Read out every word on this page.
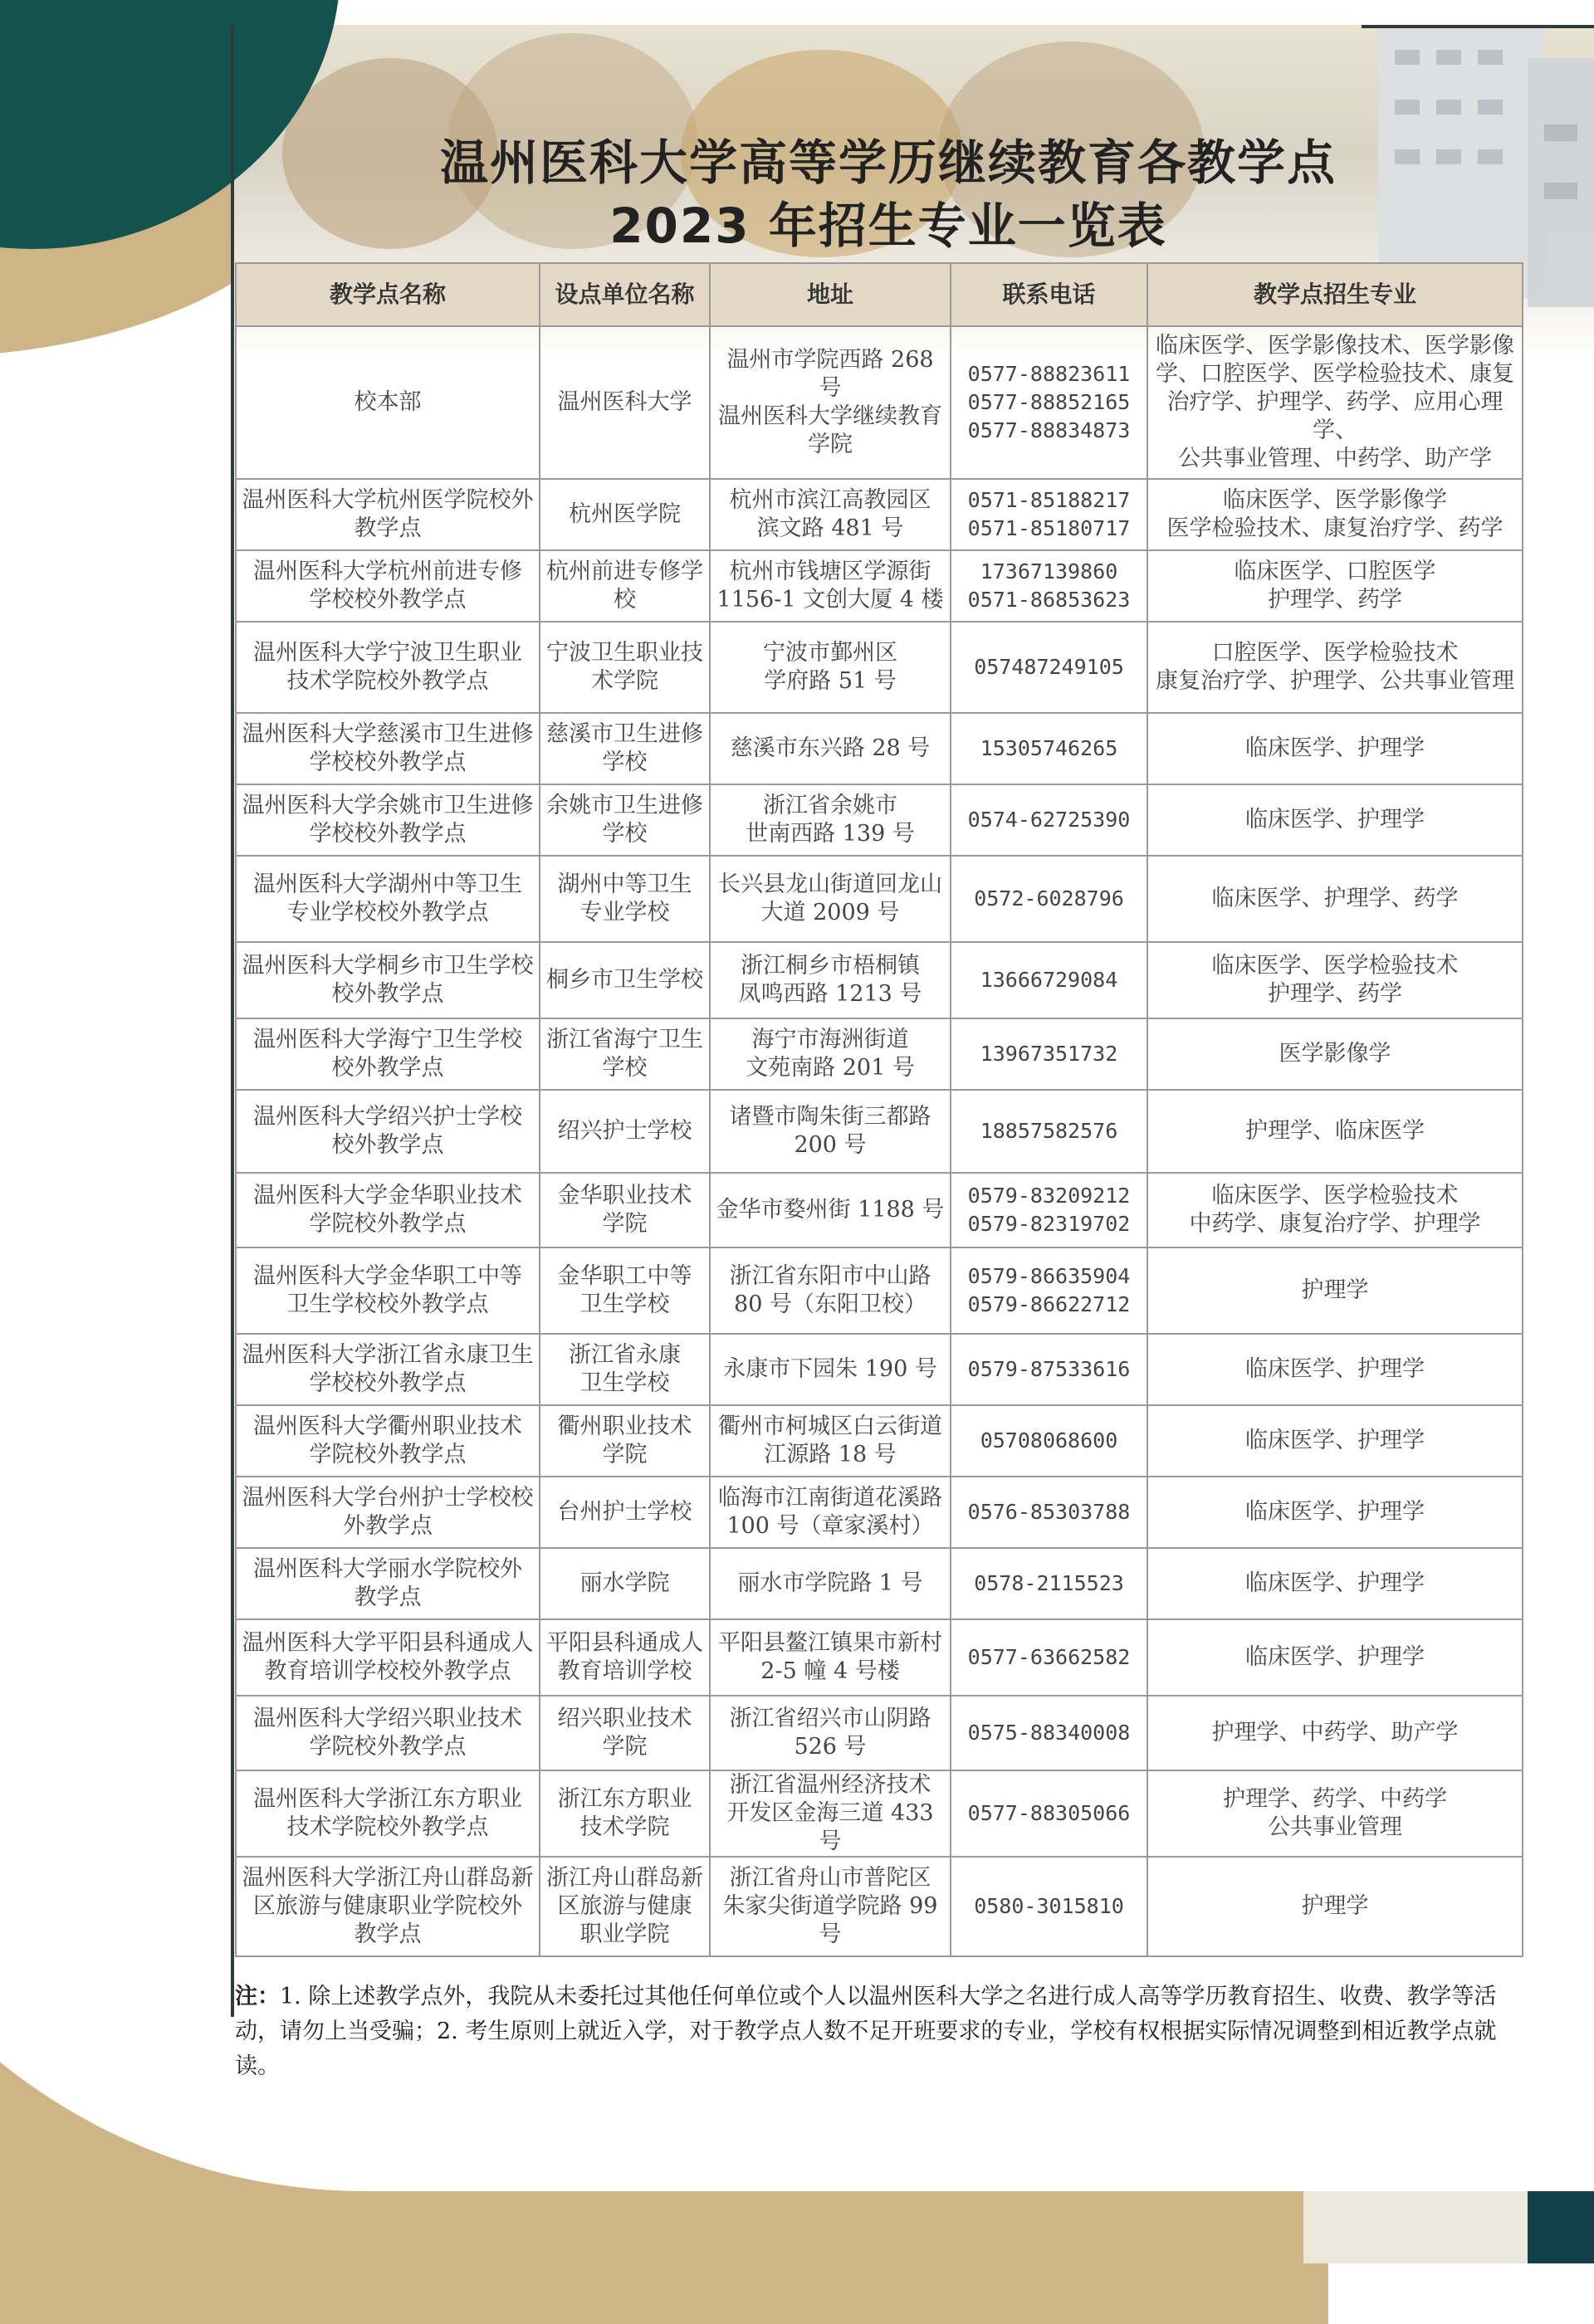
温州医科大学高等学历继续教育各教学点
2023 年招生专业一览表
教学点名称	设点单位名称	地址	联系电话	教学点招生专业

校本部	温州医科大学	温州市学院西路 268 号
温州医科大学继续教育
学院	0577-88823611
0577-88852165
0577-88834873	临床医学、医学影像技术、医学影像
学、口腔医学、医学检验技术、康复
治疗学、护理学、药学、应用心理学、
公共事业管理、中药学、助产学

温州医科大学杭州医学院校外
教学点	杭州医学院	杭州市滨江高教园区
滨文路 481 号	0571-85188217
0571-85180717	临床医学、医学影像学
医学检验技术、康复治疗学、药学

温州医科大学杭州前进专修
学校校外教学点	杭州前进专修学
校	杭州市钱塘区学源街
1156-1 文创大厦 4 楼	17367139860
0571-86853623	临床医学、口腔医学
护理学、药学

温州医科大学宁波卫生职业
技术学院校外教学点	宁波卫生职业技
术学院	宁波市鄞州区
学府路 51 号	057487249105	口腔医学、医学检验技术
康复治疗学、护理学、公共事业管理

温州医科大学慈溪市卫生进修
学校校外教学点	慈溪市卫生进修
学校	慈溪市东兴路 28 号	15305746265	临床医学、护理学

温州医科大学余姚市卫生进修
学校校外教学点	余姚市卫生进修
学校	浙江省余姚市
世南西路 139 号	0574-62725390	临床医学、护理学

温州医科大学湖州中等卫生
专业学校校外教学点	湖州中等卫生
专业学校	长兴县龙山街道回龙山
大道 2009 号	0572-6028796	临床医学、护理学、药学

温州医科大学桐乡市卫生学校
校外教学点	桐乡市卫生学校	浙江桐乡市梧桐镇
凤鸣西路 1213 号	13666729084	临床医学、医学检验技术
护理学、药学

温州医科大学海宁卫生学校
校外教学点	浙江省海宁卫生
学校	海宁市海洲街道
文苑南路 201 号	13967351732	医学影像学

温州医科大学绍兴护士学校
校外教学点	绍兴护士学校	诸暨市陶朱街三都路
200 号	18857582576	护理学、临床医学

温州医科大学金华职业技术
学院校外教学点	金华职业技术
学院	金华市婺州街 1188 号	0579-83209212
0579-82319702	临床医学、医学检验技术
中药学、康复治疗学、护理学

温州医科大学金华职工中等
卫生学校校外教学点	金华职工中等
卫生学校	浙江省东阳市中山路
80 号（东阳卫校）	0579-86635904
0579-86622712	护理学

温州医科大学浙江省永康卫生
学校校外教学点	浙江省永康
卫生学校	永康市下园朱 190 号	0579-87533616	临床医学、护理学

温州医科大学衢州职业技术
学院校外教学点	衢州职业技术
学院	衢州市柯城区白云街道
江源路 18 号	05708068600	临床医学、护理学

温州医科大学台州护士学校校
外教学点	台州护士学校	临海市江南街道花溪路
100 号（章家溪村）	0576-85303788	临床医学、护理学

温州医科大学丽水学院校外
教学点	丽水学院	丽水市学院路 1 号	0578-2115523	临床医学、护理学

温州医科大学平阳县科通成人
教育培训学校校外教学点	平阳县科通成人
教育培训学校	平阳县鳌江镇果市新村
2-5 幢 4 号楼	0577-63662582	临床医学、护理学

温州医科大学绍兴职业技术
学院校外教学点	绍兴职业技术
学院	浙江省绍兴市山阴路
526 号	0575-88340008	护理学、中药学、助产学

温州医科大学浙江东方职业
技术学院校外教学点	浙江东方职业
技术学院	浙江省温州经济技术
开发区金海三道 433 号	0577-88305066	护理学、药学、中药学
公共事业管理

温州医科大学浙江舟山群岛新
区旅游与健康职业学院校外
教学点	浙江舟山群岛新
区旅游与健康
职业学院	浙江省舟山市普陀区
朱家尖街道学院路 99
号	0580-3015810	护理学
注：1. 除上述教学点外，我院从未委托过其他任何单位或个人以温州医科大学之名进行成人高等学历教育招生、收费、教学等活动，请勿上当受骗；2. 考生原则上就近入学，对于教学点人数不足开班要求的专业，学校有权根据实际情况调整到相近教学点就读。
